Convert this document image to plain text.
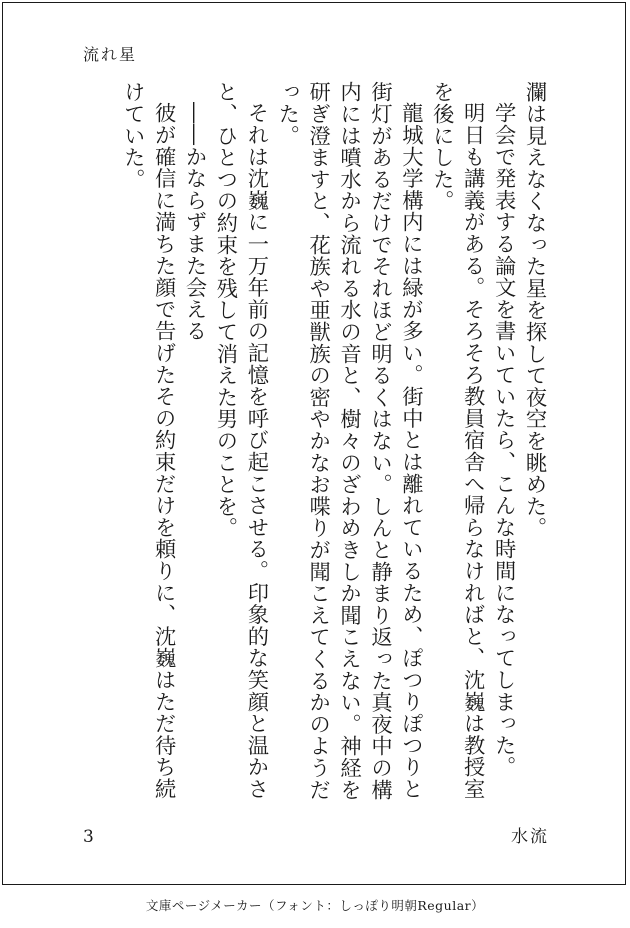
流れ星

瀾は見えなくなった星を探して夜空を眺めた。

学会で発表する論文を書いていたら、こんな時間になってしまった。

明日も講義がある。そろそろ教員宿舎へ帰らなければと、沈巍は教授室を後にした。

龍城大学構内には緑が多い。街中とは離れているため、ぽつりぽつりと街灯があるだけでそれほど明るくはない。しんと静まり返った真夜中の構内には噴水から流れる水の音と、樹々のざわめきしか聞こえない。神経を研ぎ澄ますと、花族や亜獣族の密やかなお喋りが聞こえてくるかのようだった。

それは沈巍に一万年前の記憶を呼び起こさせる。印象的な笑顔と温かさと、ひとつの約束を残して消えた男のことを。

――かならずまた会える

彼が確信に満ちた顔で告げたその約束だけを頼りに、沈巍はただ待ち続けていた。

3	水流
文庫ページメーカー（フォント：しっぽり明朝Regular）
